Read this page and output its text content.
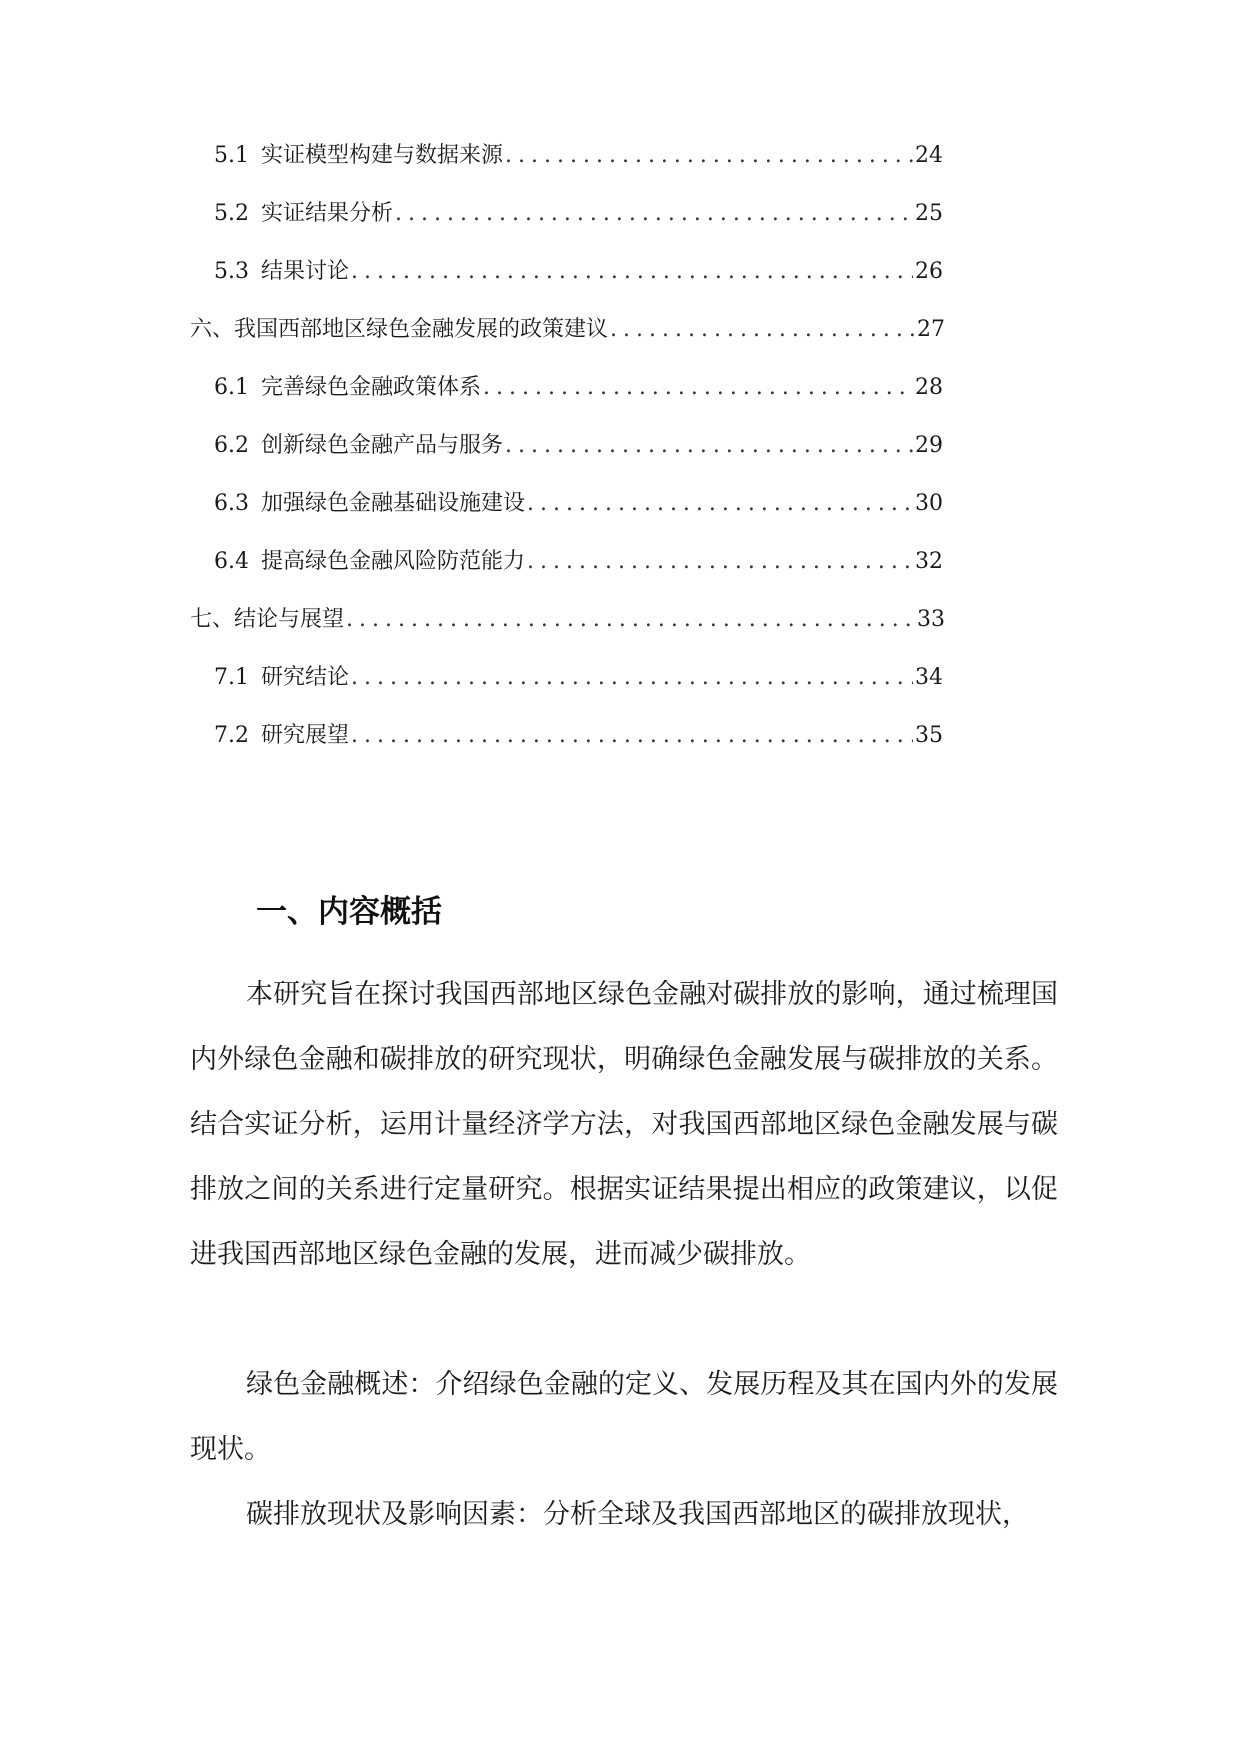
5.1 实证模型构建与数据来源 .....	24
5.2 实证结果分析 .....	25
5.3 结果讨论 .....	26
六、我国西部地区绿色金融发展的政策建议 .....	27
6.1 完善绿色金融政策体系 .....	28
6.2 创新绿色金融产品与服务 .....	29
6.3 加强绿色金融基础设施建设 .....	30
6.4 提高绿色金融风险防范能力 .....	32
七、结论与展望 .....	33
7.1 研究结论 .....	34
7.2 研究展望 .....	35
一、内容概括

本研究旨在探讨我国西部地区绿色金融对碳排放的影响，通过梳理国内外绿色金融和碳排放的研究现状，明确绿色金融发展与碳排放的关系。结合实证分析，运用计量经济学方法，对我国西部地区绿色金融发展与碳排放之间的关系进行定量研究。根据实证结果提出相应的政策建议，以促进我国西部地区绿色金融的发展，进而减少碳排放。

绿色金融概述：介绍绿色金融的定义、发展历程及其在国内外的发展现状。

碳排放现状及影响因素：分析全球及我国西部地区的碳排放现状，
